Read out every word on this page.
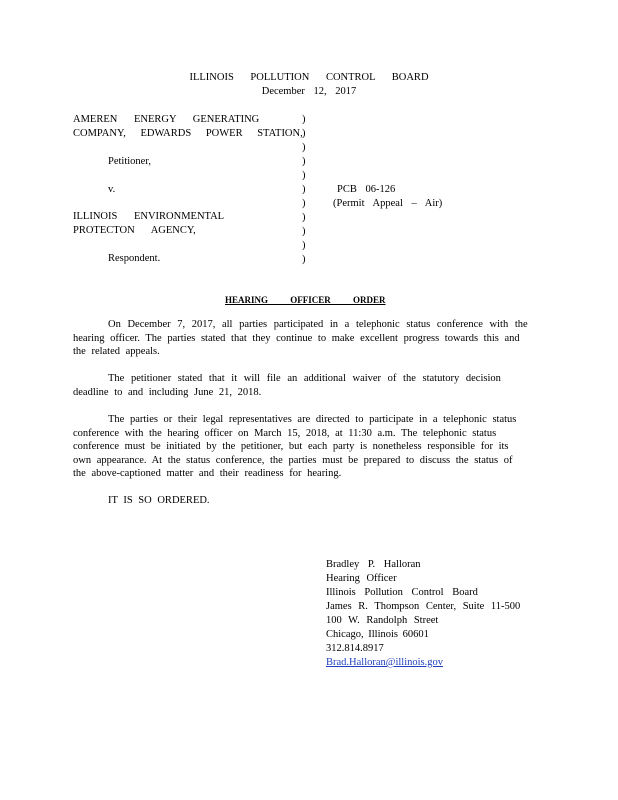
ILLINOIS POLLUTION CONTROL BOARD
December 12, 2017
AMEREN ENERGY GENERATING
COMPANY, EDWARDS POWER STATION,
Petitioner,
v.
ILLINOIS ENVIRONMENTAL
PROTECTON AGENCY,
Respondent.
)
)
)
)
)
)
)
)
)
)
)
PCB 06-126
(Permit Appeal – Air)
HEARING OFFICER ORDER
On December 7, 2017, all parties participated in a telephonic status conference with the
hearing officer. The parties stated that they continue to make excellent progress towards this and
the related appeals.
The petitioner stated that it will file an additional waiver of the statutory decision
deadline to and including June 21, 2018.
The parties or their legal representatives are directed to participate in a telephonic status
conference with the hearing officer on March 15, 2018, at 11:30 a.m. The telephonic status
conference must be initiated by the petitioner, but each party is nonetheless responsible for its
own appearance. At the status conference, the parties must be prepared to discuss the status of
the above-captioned matter and their readiness for hearing.
IT IS SO ORDERED.
Bradley P. Halloran
Hearing Officer
Illinois Pollution Control Board
James R. Thompson Center, Suite 11-500
100 W. Randolph Street
Chicago, Illinois 60601
312.814.8917
Brad.Halloran@illinois.gov
